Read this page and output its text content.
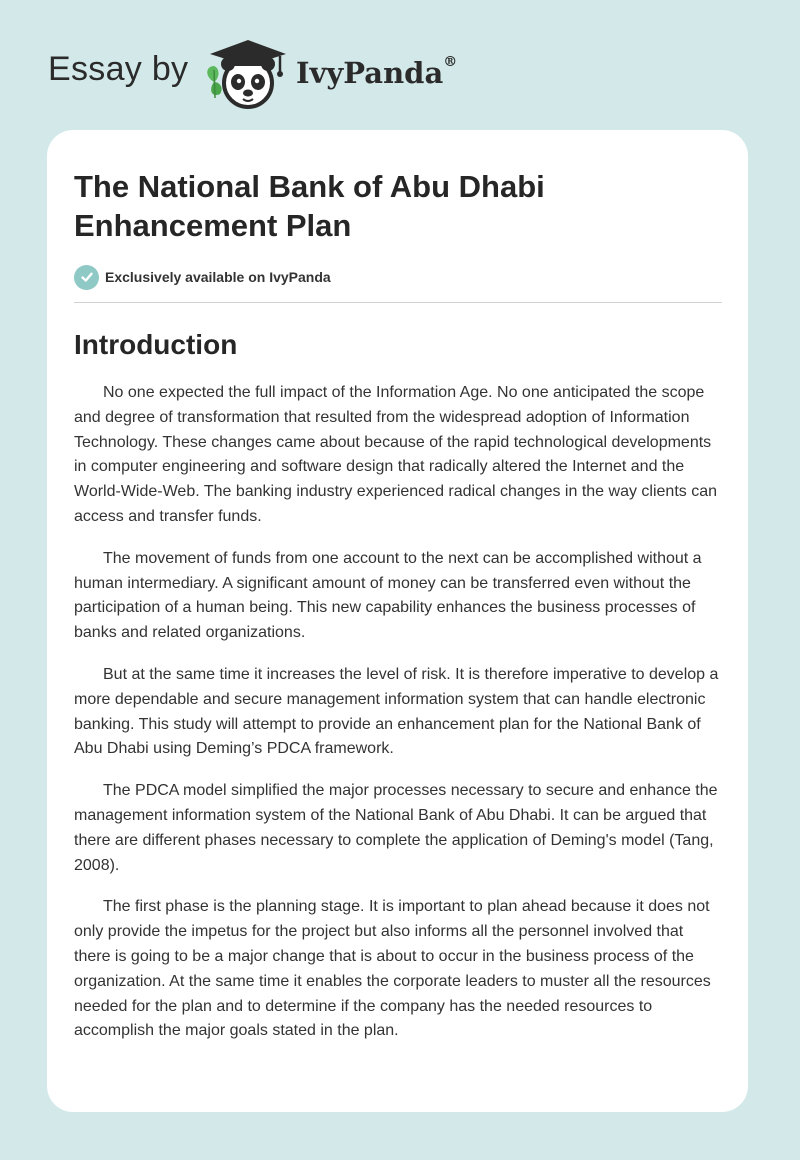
Essay by	IvyPanda®
The National Bank of Abu Dhabi Enhancement Plan
Exclusively available on IvyPanda
Introduction

No one expected the full impact of the Information Age. No one anticipated the scope and degree of transformation that resulted from the widespread adoption of Information Technology. These changes came about because of the rapid technological developments in computer engineering and software design that radically altered the Internet and the World-Wide-Web. The banking industry experienced radical changes in the way clients can access and transfer funds.

The movement of funds from one account to the next can be accomplished without a human intermediary. A significant amount of money can be transferred even without the participation of a human being. This new capability enhances the business processes of banks and related organizations.

But at the same time it increases the level of risk. It is therefore imperative to develop a more dependable and secure management information system that can handle electronic banking. This study will attempt to provide an enhancement plan for the National Bank of Abu Dhabi using Deming’s PDCA framework.

The PDCA model simplified the major processes necessary to secure and enhance the management information system of the National Bank of Abu Dhabi. It can be argued that there are different phases necessary to complete the application of Deming's model (Tang, 2008).

The first phase is the planning stage. It is important to plan ahead because it does not only provide the impetus for the project but also informs all the personnel involved that there is going to be a major change that is about to occur in the business process of the organization. At the same time it enables the corporate leaders to muster all the resources needed for the plan and to determine if the company has the needed resources to accomplish the major goals stated in the plan.
